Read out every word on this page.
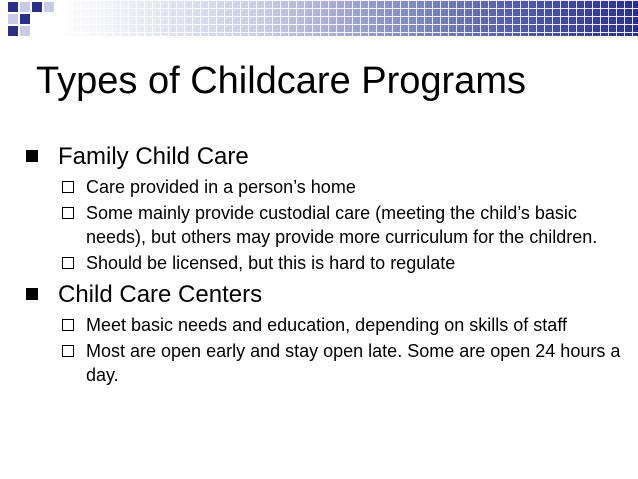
Types of Childcare Programs
Family Child Care
Care provided in a person’s home
Some mainly provide custodial care (meeting the child’s basic needs), but others may provide more curriculum for the children.
Should be licensed, but this is hard to regulate
Child Care Centers
Meet basic needs and education, depending on skills of staff
Most are open early and stay open late. Some are open 24 hours a day.
